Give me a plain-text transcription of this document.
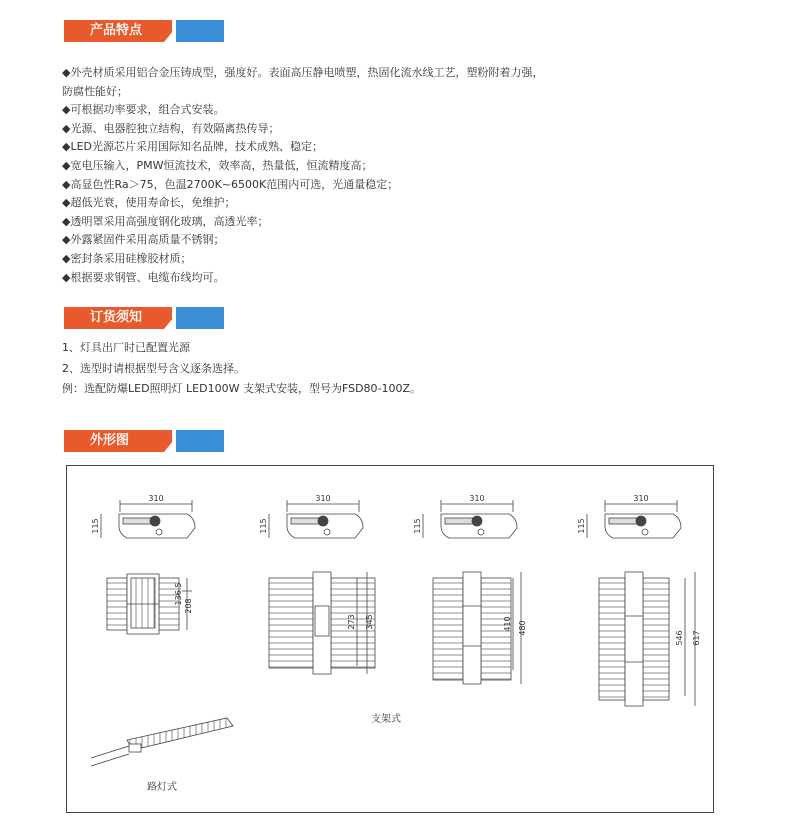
产品特点
◆外壳材质采用铝合金压铸成型，强度好。表面高压静电喷塑，热固化流水线工艺，塑粉附着力强，
防腐性能好；
◆可根据功率要求，组合式安装。
◆光源、电器腔独立结构，有效隔离热传导；
◆LED光源芯片采用国际知名品牌，技术成熟、稳定；
◆宽电压输入，PMW恒流技术，效率高，热量低，恒流精度高；
◆高显色性Ra＞75，色温2700K~6500K范围内可选，光通量稳定；
◆超低光衰，使用寿命长，免维护；
◆透明罩采用高强度钢化玻璃，高透光率；
◆外露紧固件采用高质量不锈钢；
◆密封条采用硅橡胶材质；
◆根据要求钢管、电缆布线均可。
订货须知
1、灯具出厂时已配置光源
2、选型时请根据型号含义逐条选择。
例：选配防爆LED照明灯 LED100W 支架式安装，型号为FSD80-100Z。
外形图
310	310	310	310
115	115	115	115
136.5
208
273 345	410 480
546 617
支架式
路灯式
